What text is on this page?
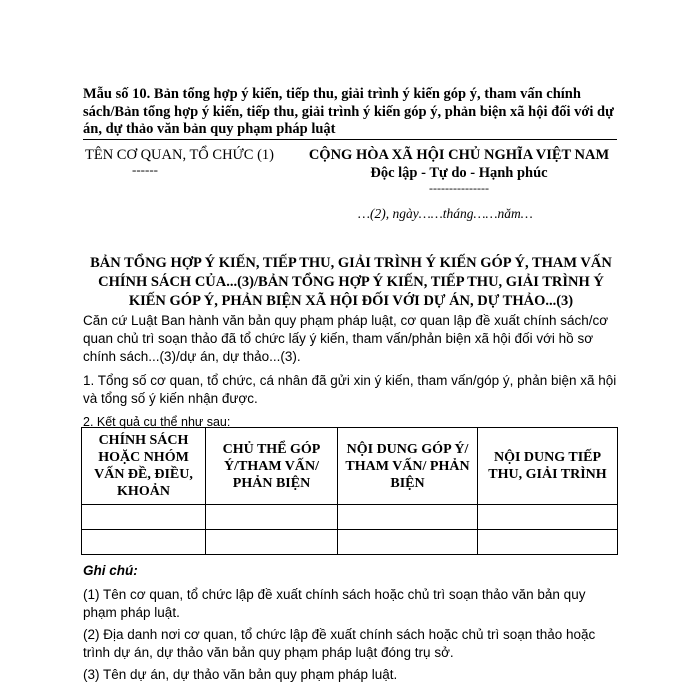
Mẫu số 10. Bản tổng hợp ý kiến, tiếp thu, giải trình ý kiến góp ý, tham vấn chính sách/Bản tổng hợp ý kiến, tiếp thu, giải trình ý kiến góp ý, phản biện xã hội đối với dự án, dự thảo văn bản quy phạm pháp luật
TÊN CƠ QUAN, TỔ CHỨC (1)
------
CỘNG HÒA XÃ HỘI CHỦ NGHĨA VIỆT NAM
Độc lập - Tự do - Hạnh phúc
---------------
…(2), ngày……tháng……năm…
BẢN TỔNG HỢP Ý KIẾN, TIẾP THU, GIẢI TRÌNH Ý KIẾN GÓP Ý, THAM VẤN CHÍNH SÁCH CỦA...(3)/BẢN TỔNG HỢP Ý KIẾN, TIẾP THU, GIẢI TRÌNH Ý KIẾN GÓP Ý, PHẢN BIỆN XÃ HỘI ĐỐI VỚI DỰ ÁN, DỰ THẢO...(3)
Căn cứ Luật Ban hành văn bản quy phạm pháp luật, cơ quan lập đề xuất chính sách/cơ quan chủ trì soạn thảo đã tổ chức lấy ý kiến, tham vấn/phản biện xã hội đối với hồ sơ chính sách...(3)/dự án, dự thảo...(3).
1. Tổng số cơ quan, tổ chức, cá nhân đã gửi xin ý kiến, tham vấn/góp ý, phản biện xã hội và tổng số ý kiến nhận được.
2. Kết quả cụ thể như sau:
CHÍNH SÁCH HOẶC NHÓM VẤN ĐỀ, ĐIỀU, KHOẢN	CHỦ THỂ GÓP Ý/THAM VẤN/ PHẢN BIỆN	NỘI DUNG GÓP Ý/ THAM VẤN/ PHẢN BIỆN	NỘI DUNG TIẾP THU, GIẢI TRÌNH

Ghi chú:
(1) Tên cơ quan, tổ chức lập đề xuất chính sách hoặc chủ trì soạn thảo văn bản quy phạm pháp luật.
(2) Địa danh nơi cơ quan, tổ chức lập đề xuất chính sách hoặc chủ trì soạn thảo hoặc trình dự án, dự thảo văn bản quy phạm pháp luật đóng trụ sở.
(3) Tên dự án, dự thảo văn bản quy phạm pháp luật.
